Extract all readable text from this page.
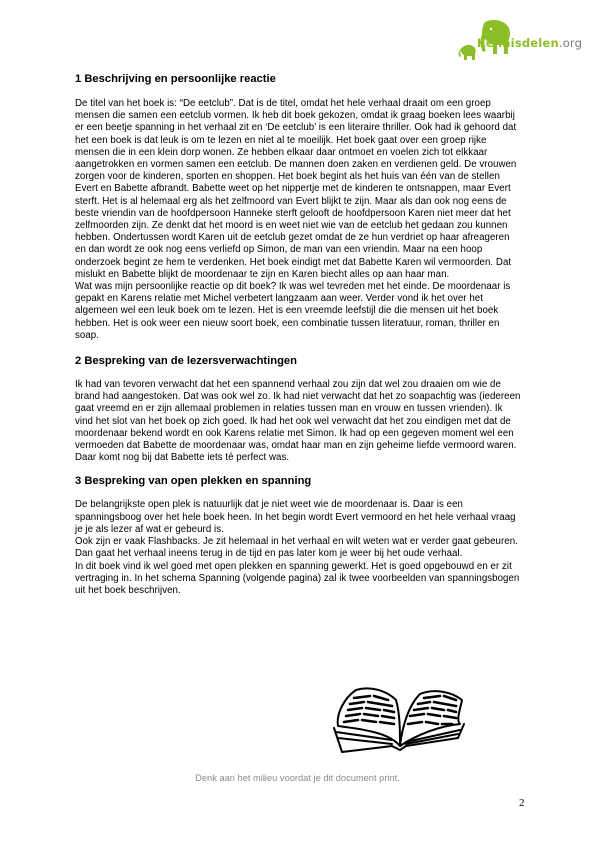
Kennisdelen.org
1 Beschrijving en persoonlijke reactie

De titel van het boek is: “De eetclub”. Dat is de titel, omdat het hele verhaal draait om een groep mensen die samen een eetclub vormen. Ik heb dit boek gekozen, omdat ik graag boeken lees waarbij er een beetje spanning in het verhaal zit en ‘De eetclub’ is een literaire thriller. Ook had ik gehoord dat het een boek is dat leuk is om te lezen en niet al te moeilijk. Het boek gaat over een groep rijke mensen die in een klein dorp wonen. Ze hebben elkaar daar ontmoet en voelen zich tot elkkaar aangetrokken en vormen samen een eetclub. De mannen doen zaken en verdienen geld. De vrouwen zorgen voor de kinderen, sporten en shoppen. Het boek begint als het huis van één van de stellen Evert en Babette afbrandt. Babette weet op het nippertje met de kinderen te ontsnappen, maar Evert sterft. Het is al helemaal erg als het zelfmoord van Evert blijkt te zijn. Maar als dan ook nog eens de beste vriendin van de hoofdpersoon Hanneke sterft gelooft de hoofdpersoon Karen niet meer dat het zelfmoorden zijn. Ze denkt dat het moord is en weet niet wie van de eetclub het gedaan zou kunnen hebben. Ondertussen wordt Karen uit de eetclub gezet omdat de ze hun verdriet op haar afreageren en dan wordt ze ook nog eens verliefd op Simon, de man van een vriendin. Maar na een hoop onderzoek begint ze hem te verdenken. Het boek eindigt met dat Babette Karen wil vermoorden. Dat mislukt en Babette blijkt de moordenaar te zijn en Karen biecht alles op aan haar man.

Wat was mijn persoonlijke reactie op dit boek? Ik was wel tevreden met het einde. De moordenaar is gepakt en Karens relatie met Michel verbetert langzaam aan weer. Verder vond ik het over het algemeen wel een leuk boek om te lezen. Het is een vreemde leefstijl die die mensen uit het boek hebben. Het is ook weer een nieuw soort boek, een combinatie tussen literatuur, roman, thriller en soap.

2 Bespreking van de lezersverwachtingen

Ik had van tevoren verwacht dat het een spannend verhaal zou zijn dat wel zou draaien om wie de brand had aangestoken. Dat was ook wel zo. Ik had niet verwacht dat het zo soapachtig was (iedereen gaat vreemd en er zijn allemaal problemen in relaties tussen man en vrouw en tussen vrienden). Ik vind het slot van het boek op zich goed. Ik had het ook wel verwacht dat het zou eindigen met dat de moordenaar bekend wordt en ook Karens relatie met Simon. Ik had op een gegeven moment wel een vermoeden dat Babette de moordenaar was, omdat haar man en zijn geheime liefde vermoord waren. Daar komt nog bij dat Babette iets té perfect was.

3 Bespreking van open plekken en spanning

De belangrijkste open plek is natuurlijk dat je niet weet wie de moordenaar is. Daar is een spanningsboog over het hele boek heen. In het begin wordt Evert vermoord en het hele verhaal vraag je je als lezer af wat er gebeurd is.

Ook zijn er vaak Flashbacks. Je zit helemaal in het verhaal en wilt weten wat er verder gaat gebeuren. Dan gaat het verhaal ineens terug in de tijd en pas later kom je weer bij het oude verhaal.

In dit boek vind ik wel goed met open plekken en spanning gewerkt. Het is goed opgebouwd en er zit vertraging in. In het schema Spanning (volgende pagina) zal ik twee voorbeelden van spanningsbogen uit het boek beschrijven.

Denk aan het milieu voordat je dit document print.
2
